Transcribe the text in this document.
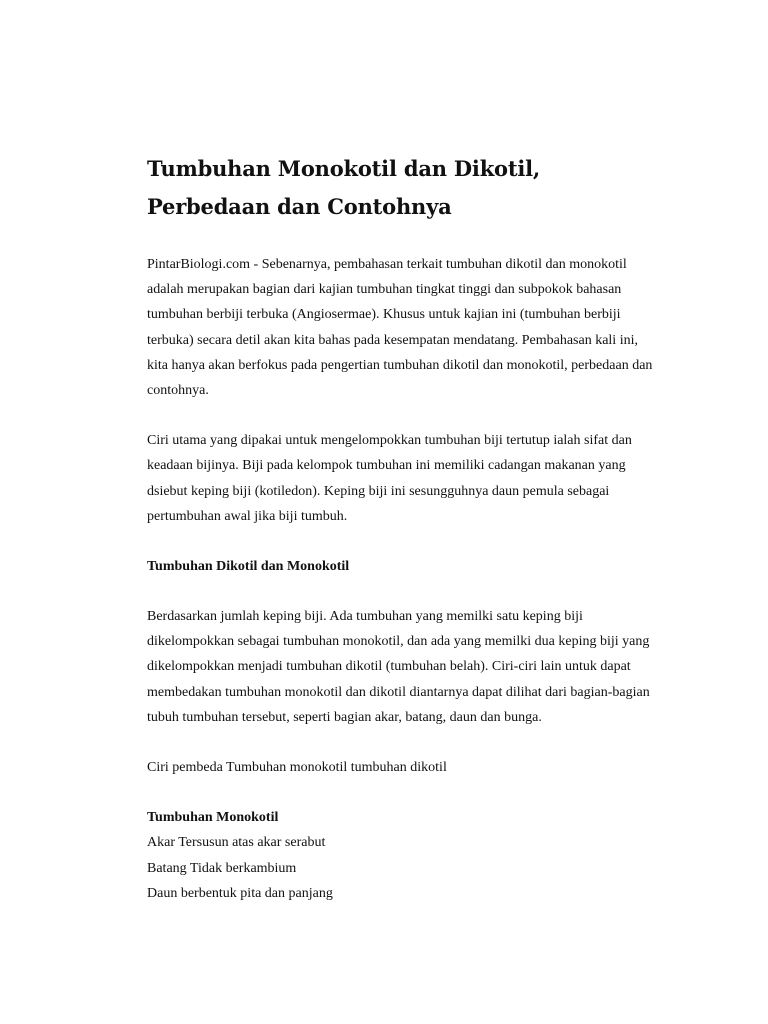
Tumbuhan Monokotil dan Dikotil, Perbedaan dan Contohnya

PintarBiologi.com - Sebenarnya, pembahasan terkait tumbuhan dikotil dan monokotil adalah merupakan bagian dari kajian tumbuhan tingkat tinggi dan subpokok bahasan tumbuhan berbiji terbuka (Angiosermae). Khusus untuk kajian ini (tumbuhan berbiji terbuka) secara detil akan kita bahas pada kesempatan mendatang. Pembahasan kali ini, kita hanya akan berfokus pada pengertian tumbuhan dikotil dan monokotil, perbedaan dan contohnya.

Ciri utama yang dipakai untuk mengelompokkan tumbuhan biji tertutup ialah sifat dan keadaan bijinya. Biji pada kelompok tumbuhan ini memiliki cadangan makanan yang dsiebut keping biji (kotiledon). Keping biji ini sesungguhnya daun pemula sebagai pertumbuhan awal jika biji tumbuh.

Tumbuhan Dikotil dan Monokotil

Berdasarkan jumlah keping biji. Ada tumbuhan yang memilki satu keping biji dikelompokkan sebagai tumbuhan monokotil, dan ada yang memilki dua keping biji yang dikelompokkan menjadi tumbuhan dikotil (tumbuhan belah). Ciri-ciri lain untuk dapat membedakan tumbuhan monokotil dan dikotil diantarnya dapat dilihat dari bagian-bagian tubuh tumbuhan tersebut, seperti bagian akar, batang, daun dan bunga.

Ciri pembeda Tumbuhan monokotil tumbuhan dikotil

Tumbuhan Monokotil
Akar Tersusun atas akar serabut
Batang Tidak berkambium
Daun berbentuk pita dan panjang
